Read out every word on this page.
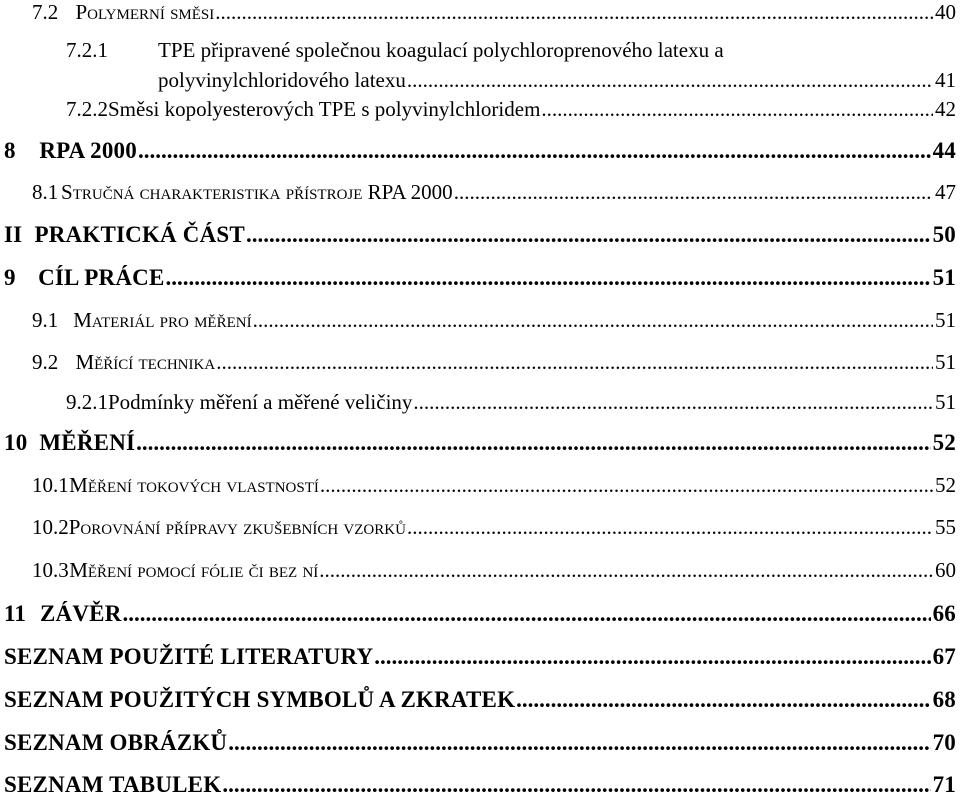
7.2 Polymerní směsi .....	40
7.2.1	TPE připravené společnou koagulací polychloroprenového latexu a
polyvinylchloridového latexu .....	41
7.2.2 Směsi kopolyesterových TPE s polyvinylchloridem .....	42
8	RPA 2000 .....	44
8.1 Stručná charakteristika přístroje RPA 2000 .....	47
II PRAKTICKÁ ČÁST .....	50
9 CÍL PRÁCE .....	51
9.1 Materiál pro měření .....	51
9.2 Měřící technika .....	51
9.2.1 Podmínky měření a měřené veličiny .....	51
10 MĚŘENÍ .....	52
10.1 Měření tokových vlastností .....	52
10.2 Porovnání přípravy zkušebních vzorků .....	55
10.3 Měření pomocí fólie či bez ní .....	60
11 ZÁVĚR .....	66
SEZNAM POUŽITÉ LITERATURY .....	67
SEZNAM POUŽITÝCH SYMBOLŮ A ZKRATEK .....	68
SEZNAM OBRÁZKŮ .....	70
SEZNAM TABULEK .....	71
